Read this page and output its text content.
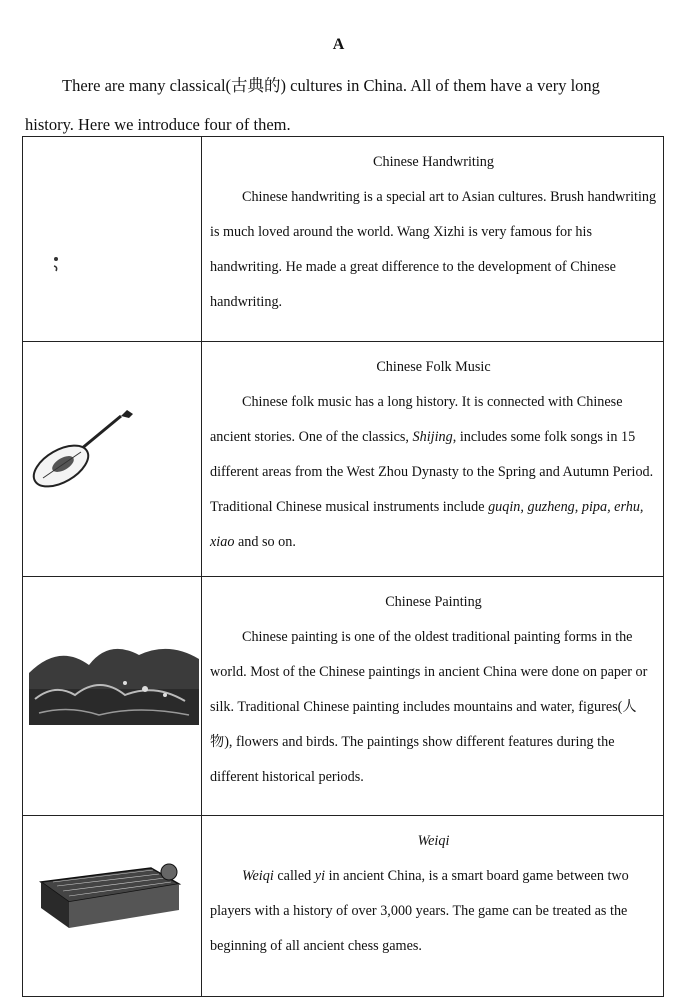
A
There are many classical(古典的) cultures in China. All of them have a very long
history. Here we introduce four of them.

Chinese Handwriting
Chinese handwriting is a special art to Asian cultures. Brush handwriting is much loved around the world. Wang Xizhi is very famous for his handwriting. He made a great difference to the development of Chinese handwriting.

Chinese Folk Music
Chinese folk music has a long history. It is connected with Chinese ancient stories. One of the classics, Shijing, includes some folk songs in 15 different areas from the West Zhou Dynasty to the Spring and Autumn Period. Traditional Chinese musical instruments include guqin, guzheng, pipa, erhu, xiao and so on.

Chinese Painting
Chinese painting is one of the oldest traditional painting forms in the world. Most of the Chinese paintings in ancient China were done on paper or silk. Traditional Chinese painting includes mountains and water, figures(人物), flowers and birds. The paintings show different features during the different historical periods.

Weiqi
Weiqi called yi in ancient China, is a smart board game between two players with a history of over 3,000 years. The game can be treated as the beginning of all ancient chess games.
